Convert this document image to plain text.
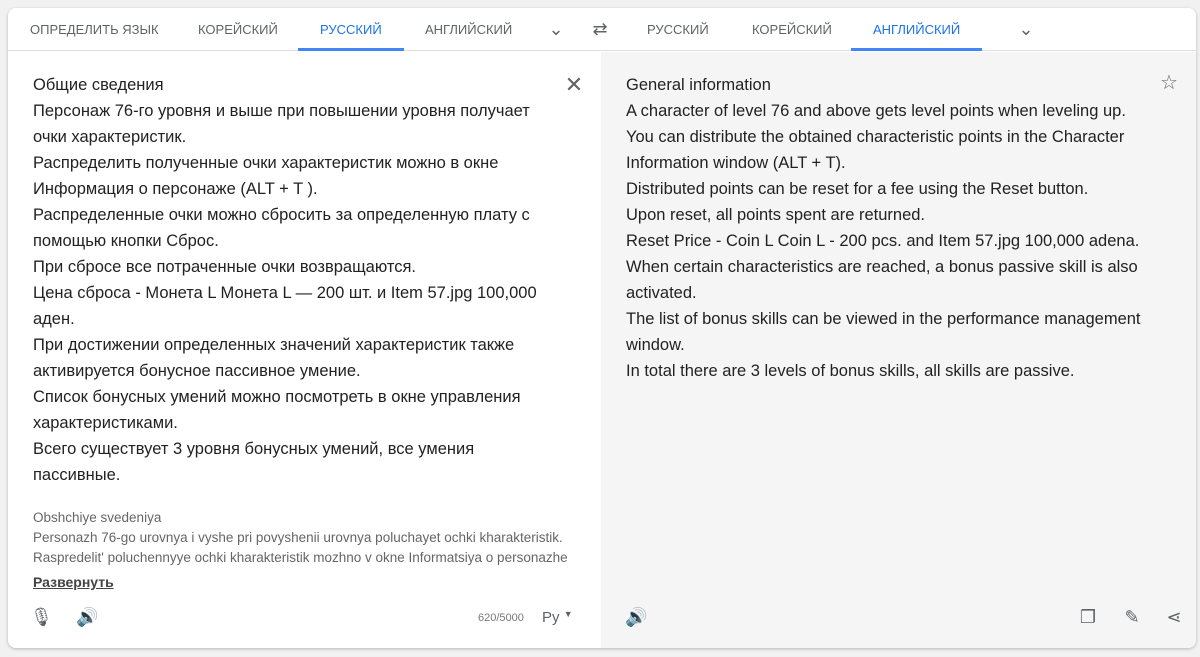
ОПРЕДЕЛИТЬ ЯЗЫК	КОРЕЙСКИЙ	РУССКИЙ	АНГЛИЙСКИЙ	⌄ ⇄	РУССКИЙ	КОРЕЙСКИЙ	АНГЛИЙСКИЙ	⌄
Общие сведения
Персонаж 76-го уровня и выше при повышении уровня получает очки характеристик.
Распределить полученные очки характеристик можно в окне Информация о персонаже (ALT + T ).
Распределенные очки можно сбросить за определенную плату с помощью кнопки Сброс.
При сбросе все потраченные очки возвращаются.
Цена сброса - Монета L Монета L — 200 шт. и Item 57.jpg 100,000 аден.
При достижении определенных значений характеристик также активируется бонусное пассивное умение.
Список бонусных умений можно посмотреть в окне управления характеристиками.
Всего существует 3 уровня бонусных умений, все умения пассивные.
✕
Obshchiye svedeniya
Personazh 76-go urovnya i vyshe pri povyshenii urovnya poluchayet ochki kharakteristik.
Raspredelit' poluchennyye ochki kharakteristik mozhno v okne Informatsiya o personazhe
Развернуть
🎙 🔊	620/5000 Pу ▼
General information
A character of level 76 and above gets level points when leveling up.
You can distribute the obtained characteristic points in the Character Information window (ALT + T).
Distributed points can be reset for a fee using the Reset button.
Upon reset, all points spent are returned.
Reset Price - Coin L Coin L - 200 pcs. and Item 57.jpg 100,000 adena.
When certain characteristics are reached, a bonus passive skill is also activated.
The list of bonus skills can be viewed in the performance management window.
In total there are 3 levels of bonus skills, all skills are passive.
☆
🔊	❐ ✎ ⋖
